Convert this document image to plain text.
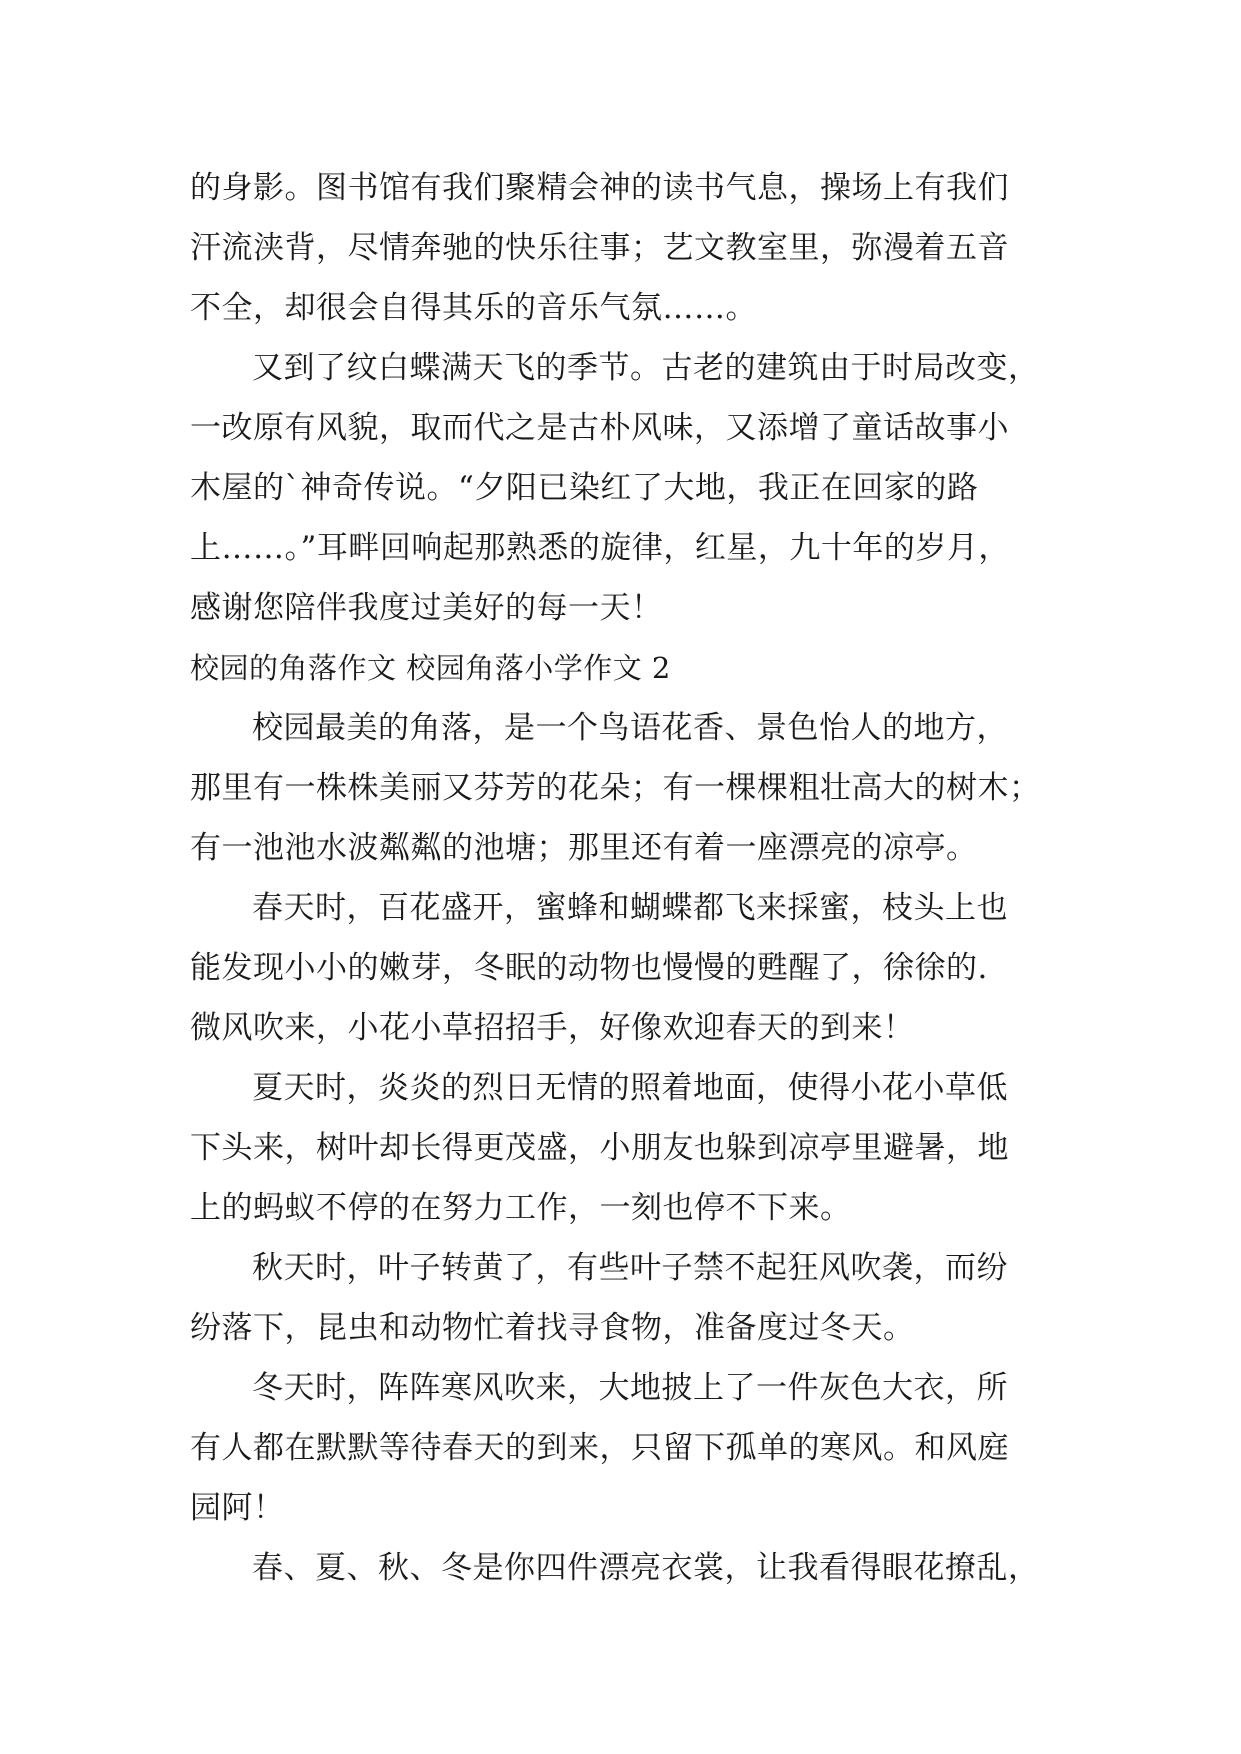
的身影。图书馆有我们聚精会神的读书气息，操场上有我们
汗流浃背，尽情奔驰的快乐往事；艺文教室里，弥漫着五音
不全，却很会自得其乐的音乐气氛……。
又到了纹白蝶满天飞的季节。古老的建筑由于时局改变，
一改原有风貌，取而代之是古朴风味，又添增了童话故事小
木屋的`神奇传说。“夕阳已染红了大地，我正在回家的路
上……。”耳畔回响起那熟悉的旋律，红星，九十年的岁月，
感谢您陪伴我度过美好的每一天！
校园的角落作文 校园角落小学作文 2
校园最美的角落，是一个鸟语花香、景色怡人的地方，
那里有一株株美丽又芬芳的花朵；有一棵棵粗壮高大的树木；
有一池池水波粼粼的池塘；那里还有着一座漂亮的凉亭。
春天时，百花盛开，蜜蜂和蝴蝶都飞来採蜜，枝头上也
能发现小小的嫩芽，冬眠的动物也慢慢的甦醒了，徐徐的.
微风吹来，小花小草招招手，好像欢迎春天的到来！
夏天时，炎炎的烈日无情的照着地面，使得小花小草低
下头来，树叶却长得更茂盛，小朋友也躲到凉亭里避暑，地
上的蚂蚁不停的在努力工作，一刻也停不下来。
秋天时，叶子转黄了，有些叶子禁不起狂风吹袭，而纷
纷落下，昆虫和动物忙着找寻食物，准备度过冬天。
冬天时，阵阵寒风吹来，大地披上了一件灰色大衣，所
有人都在默默等待春天的到来，只留下孤单的寒风。和风庭
园阿！
春、夏、秋、冬是你四件漂亮衣裳，让我看得眼花撩乱，
